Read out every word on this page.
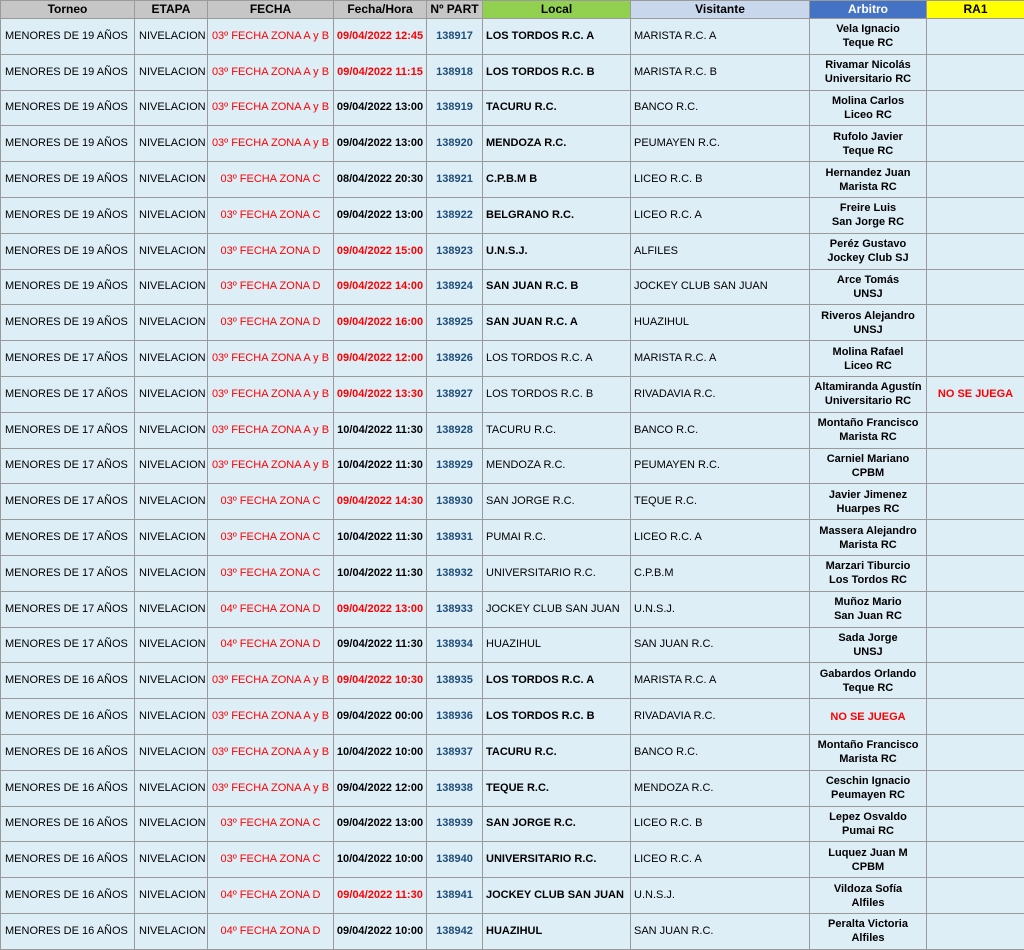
Torneo	ETAPA	FECHA	Fecha/Hora	Nº PART	Local	Visitante	Arbitro	RA1
MENORES DE 19 AÑOS	NIVELACION	03º FECHA ZONA A y B	09/04/2022 12:45	138917	LOS TORDOS R.C. A	MARISTA R.C. A	Vela Ignacio
Teque RC	

MENORES DE 19 AÑOS	NIVELACION	03º FECHA ZONA A y B	09/04/2022 11:15	138918	LOS TORDOS R.C. B	MARISTA R.C. B	Rivamar Nicolás
Universitario RC	

MENORES DE 19 AÑOS	NIVELACION	03º FECHA ZONA A y B	09/04/2022 13:00	138919	TACURU R.C.	BANCO R.C.	Molina Carlos
Liceo RC	

MENORES DE 19 AÑOS	NIVELACION	03º FECHA ZONA A y B	09/04/2022 13:00	138920	MENDOZA R.C.	PEUMAYEN R.C.	Rufolo Javier
Teque RC	

MENORES DE 19 AÑOS	NIVELACION	03º FECHA ZONA C	08/04/2022 20:30	138921	C.P.B.M B	LICEO R.C. B	Hernandez Juan
Marista RC	

MENORES DE 19 AÑOS	NIVELACION	03º FECHA ZONA C	09/04/2022 13:00	138922	BELGRANO R.C.	LICEO R.C. A	Freire Luis
San Jorge RC	

MENORES DE 19 AÑOS	NIVELACION	03º FECHA ZONA D	09/04/2022 15:00	138923	U.N.S.J.	ALFILES	Peréz Gustavo
Jockey Club SJ	

MENORES DE 19 AÑOS	NIVELACION	03º FECHA ZONA D	09/04/2022 14:00	138924	SAN JUAN R.C. B	JOCKEY CLUB SAN JUAN	Arce Tomás
UNSJ	

MENORES DE 19 AÑOS	NIVELACION	03º FECHA ZONA D	09/04/2022 16:00	138925	SAN JUAN R.C. A	HUAZIHUL	Riveros Alejandro
UNSJ	

MENORES DE 17 AÑOS	NIVELACION	03º FECHA ZONA A y B	09/04/2022 12:00	138926	LOS TORDOS R.C. A	MARISTA R.C. A	Molina Rafael
Liceo RC	

MENORES DE 17 AÑOS	NIVELACION	03º FECHA ZONA A y B	09/04/2022 13:30	138927	LOS TORDOS R.C. B	RIVADAVIA R.C.	Altamiranda Agustín
Universitario RC	NO SE JUEGA
MENORES DE 17 AÑOS	NIVELACION	03º FECHA ZONA A y B	10/04/2022 11:30	138928	TACURU R.C.	BANCO R.C.	Montaño Francisco
Marista RC	

MENORES DE 17 AÑOS	NIVELACION	03º FECHA ZONA A y B	10/04/2022 11:30	138929	MENDOZA R.C.	PEUMAYEN R.C.	Carniel Mariano
CPBM	

MENORES DE 17 AÑOS	NIVELACION	03º FECHA ZONA C	09/04/2022 14:30	138930	SAN JORGE R.C.	TEQUE R.C.	Javier Jimenez
Huarpes RC	

MENORES DE 17 AÑOS	NIVELACION	03º FECHA ZONA C	10/04/2022 11:30	138931	PUMAI R.C.	LICEO R.C. A	Massera Alejandro
Marista RC	

MENORES DE 17 AÑOS	NIVELACION	03º FECHA ZONA C	10/04/2022 11:30	138932	UNIVERSITARIO R.C.	C.P.B.M	Marzari Tiburcio
Los Tordos RC	

MENORES DE 17 AÑOS	NIVELACION	04º FECHA ZONA D	09/04/2022 13:00	138933	JOCKEY CLUB SAN JUAN	U.N.S.J.	Muñoz Mario
San Juan RC	

MENORES DE 17 AÑOS	NIVELACION	04º FECHA ZONA D	09/04/2022 11:30	138934	HUAZIHUL	SAN JUAN R.C.	Sada Jorge
UNSJ	

MENORES DE 16 AÑOS	NIVELACION	03º FECHA ZONA A y B	09/04/2022 10:30	138935	LOS TORDOS R.C. A	MARISTA R.C. A	Gabardos Orlando
Teque RC	

MENORES DE 16 AÑOS	NIVELACION	03º FECHA ZONA A y B	09/04/2022 00:00	138936	LOS TORDOS R.C. B	RIVADAVIA R.C.	NO SE JUEGA	

MENORES DE 16 AÑOS	NIVELACION	03º FECHA ZONA A y B	10/04/2022 10:00	138937	TACURU R.C.	BANCO R.C.	Montaño Francisco
Marista RC	

MENORES DE 16 AÑOS	NIVELACION	03º FECHA ZONA A y B	09/04/2022 12:00	138938	TEQUE R.C.	MENDOZA R.C.	Ceschin Ignacio
Peumayen RC	

MENORES DE 16 AÑOS	NIVELACION	03º FECHA ZONA C	09/04/2022 13:00	138939	SAN JORGE R.C.	LICEO R.C. B	Lepez Osvaldo
Pumai RC	

MENORES DE 16 AÑOS	NIVELACION	03º FECHA ZONA C	10/04/2022 10:00	138940	UNIVERSITARIO R.C.	LICEO R.C. A	Luquez Juan M
CPBM	

MENORES DE 16 AÑOS	NIVELACION	04º FECHA ZONA D	09/04/2022 11:30	138941	JOCKEY CLUB SAN JUAN	U.N.S.J.	Vildoza Sofía
Alfiles	

MENORES DE 16 AÑOS	NIVELACION	04º FECHA ZONA D	09/04/2022 10:00	138942	HUAZIHUL	SAN JUAN R.C.	Peralta Victoria
Alfiles	
